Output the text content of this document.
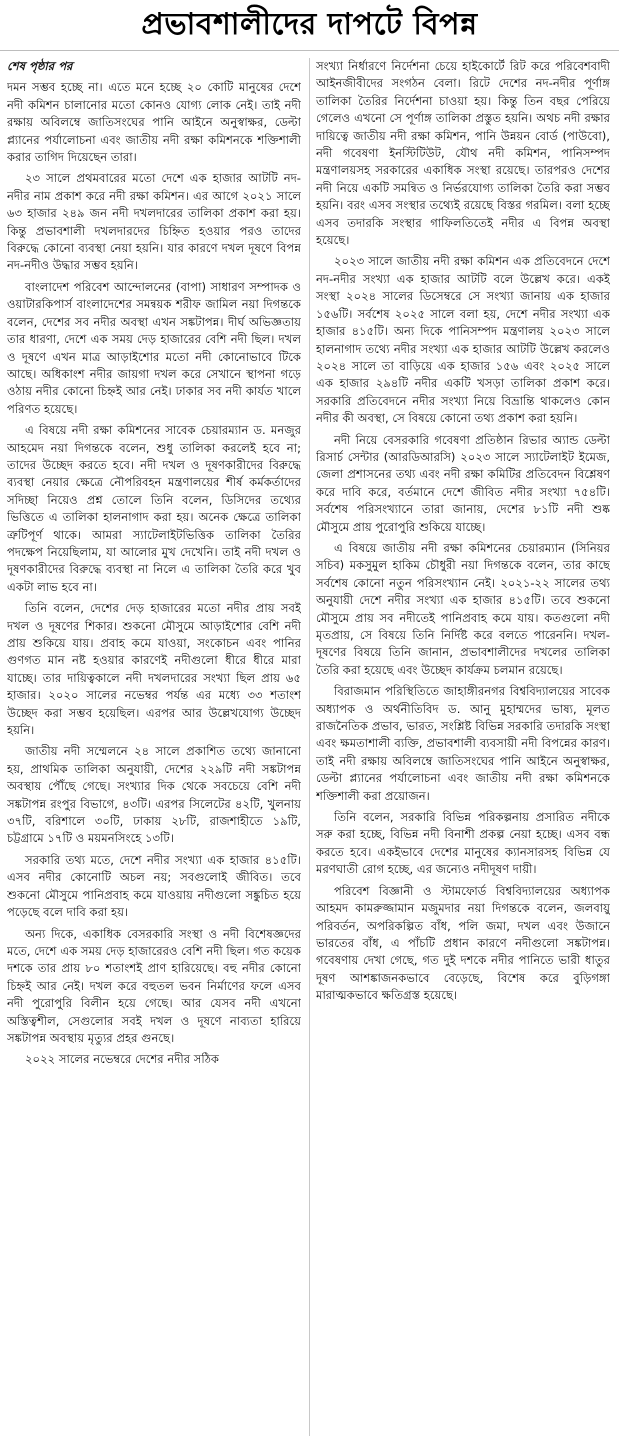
প্রভাবশালীদের দাপটে বিপন্ন

শেষ পৃষ্ঠার পর

দমন সম্ভব হচ্ছে না। এতে মনে হচ্ছে ২০ কোটি মানুষের দেশে নদী কমিশন চালানোর মতো কোনও যোগ্য লোক নেই। তাই নদী রক্ষায় অবিলম্বে জাতিসংঘের পানি আইনে অনুস্বাক্ষর, ডেল্টা প্ল্যানের পর্যালোচনা এবং জাতীয় নদী রক্ষা কমিশনকে শক্তিশালী করার তাগিদ দিয়েছেন তারা।

২৩ সালে প্রথমবারের মতো দেশে এক হাজার আটটি নদ-নদীর নাম প্রকাশ করে নদী রক্ষা কমিশন। এর আগে ২০২১ সালে ৬৩ হাজার ২৪৯ জন নদী দখলদারের তালিকা প্রকাশ করা হয়। কিন্তু প্রভাবশালী দখলদারদের চিহ্নিত হওয়ার পরও তাদের বিরুদ্ধে কোনো ব্যবস্থা নেয়া হয়নি। যার কারণে দখল দূষণে বিপন্ন নদ-নদীও উদ্ধার সম্ভব হয়নি।

বাংলাদেশ পরিবেশ আন্দোলনের (বাপা) সাধারণ সম্পাদক ও ওয়াটারকিপার্স বাংলাদেশের সমন্বয়ক শরীফ জামিল নয়া দিগন্তকে বলেন, দেশের সব নদীর অবস্থা এখন সঙ্কটাপন্ন। দীর্ঘ অভিজ্ঞতায় তার ধারণা, দেশে এক সময় দেড় হাজারের বেশি নদী ছিল। দখল ও দূষণে এখন মাত্র আড়াইশোর মতো নদী কোনোভাবে টিকে আছে। অধিকাংশ নদীর জায়গা দখল করে সেখানে স্থাপনা গড়ে ওঠায় নদীর কোনো চিহ্নই আর নেই। ঢাকার সব নদী কার্যত খালে পরিণত হয়েছে।

এ বিষয়ে নদী রক্ষা কমিশনের সাবেক চেয়ারম্যান ড. মনজুর আহমেদ নয়া দিগন্তকে বলেন, শুধু তালিকা করলেই হবে না; তাদের উচ্ছেদ করতে হবে। নদী দখল ও দূষণকারীদের বিরুদ্ধে ব্যবস্থা নেয়ার ক্ষেত্রে নৌপরিবহন মন্ত্রণালয়ের শীর্ষ কর্মকর্তাদের সদিচ্ছা নিয়েও প্রশ্ন তোলে তিনি বলেন, ডিসিদের তথ্যের ভিত্তিতে এ তালিকা হালনাগাদ করা হয়। অনেক ক্ষেত্রে তালিকা ত্রুটিপূর্ণ থাকে। আমরা স্যাটেলাইটভিত্তিক তালিকা তৈরির পদক্ষেপ নিয়েছিলাম, যা আলোর মুখ দেখেনি। তাই নদী দখল ও দূষণকারীদের বিরুদ্ধে ব্যবস্থা না নিলে এ তালিকা তৈরি করে খুব একটা লাভ হবে না।

তিনি বলেন, দেশের দেড় হাজারের মতো নদীর প্রায় সবই দখল ও দূষণের শিকার। শুকনো মৌসুমে আড়াইশোর বেশি নদী প্রায় শুকিয়ে যায়। প্রবাহ কমে যাওয়া, সংকোচন এবং পানির গুণগত মান নষ্ট হওয়ার কারণেই নদীগুলো ধীরে ধীরে মারা যাচ্ছে। তার দায়িত্বকালে নদী দখলদারের সংখ্যা ছিল প্রায় ৬৫ হাজার। ২০২০ সালের নভেম্বর পর্যন্ত এর মধ্যে ৩৩ শতাংশ উচ্ছেদ করা সম্ভব হয়েছিল। এরপর আর উল্লেখযোগ্য উচ্ছেদ হয়নি।

জাতীয় নদী সম্মেলনে ২৪ সালে প্রকাশিত তথ্যে জানানো হয়, প্রাথমিক তালিকা অনুযায়ী, দেশের ২২৯টি নদী সঙ্কটাপন্ন অবস্থায় পৌঁছে গেছে। সংখ্যার দিক থেকে সবচেয়ে বেশি নদী সঙ্কটাপন্ন রংপুর বিভাগে, ৪৩টি। এরপর সিলেটের ৪২টি, খুলনায় ৩৭টি, বরিশালে ৩০টি, ঢাকায় ২৮টি, রাজশাহীতে ১৯টি, চট্টগ্রামে ১৭টি ও ময়মনসিংহে ১৩টি।

সরকারি তথ্য মতে, দেশে নদীর সংখ্যা এক হাজার ৪১৫টি। এসব নদীর কোনোটি অচল নয়; সবগুলোই জীবিত। তবে শুকনো মৌসুমে পানিপ্রবাহ কমে যাওয়ায় নদীগুলো সঙ্কুচিত হয়ে পড়েছে বলে দাবি করা হয়।

অন্য দিকে, একাধিক বেসরকারি সংস্থা ও নদী বিশেষজ্ঞদের মতে, দেশে এক সময় দেড় হাজারেরও বেশি নদী ছিল। গত কয়েক দশকে তার প্রায় ৮০ শতাংশই প্রাণ হারিয়েছে। বহু নদীর কোনো চিহ্নই আর নেই। দখল করে বহুতল ভবন নির্মাণের ফলে এসব নদী পুরোপুরি বিলীন হয়ে গেছে। আর যেসব নদী এখনো অস্তিত্বশীল, সেগুলোর সবই দখল ও দূষণে নাব্যতা হারিয়ে সঙ্কটাপন্ন অবস্থায় মৃত্যুর প্রহর গুনছে।

২০২২ সালের নভেম্বরে দেশের নদীর সঠিক

সংখ্যা নির্ধারণে নির্দেশনা চেয়ে হাইকোর্টে রিট করে পরিবেশবাদী আইনজীবীদের সংগঠন বেলা। রিটে দেশের নদ-নদীর পূর্ণাঙ্গ তালিকা তৈরির নির্দেশনা চাওয়া হয়। কিন্তু তিন বছর পেরিয়ে গেলেও এখনো সে পূর্ণাঙ্গ তালিকা প্রস্তুত হয়নি। অথচ নদী রক্ষার দায়িত্বে জাতীয় নদী রক্ষা কমিশন, পানি উন্নয়ন বোর্ড (পাউবো), নদী গবেষণা ইনস্টিটিউট, যৌথ নদী কমিশন, পানিসম্পদ মন্ত্রণালয়সহ সরকারের একাধিক সংস্থা রয়েছে। তারপরও দেশের নদী নিয়ে একটি সমন্বিত ও নির্ভরযোগ্য তালিকা তৈরি করা সম্ভব হয়নি। বরং এসব সংস্থার তথ্যেই রয়েছে বিস্তর গরমিল। বলা হচ্ছে এসব তদারকি সংস্থার গাফিলতিতেই নদীর এ বিপন্ন অবস্থা হয়েছে।

২০২৩ সালে জাতীয় নদী রক্ষা কমিশন এক প্রতিবেদনে দেশে নদ-নদীর সংখ্যা এক হাজার আটটি বলে উল্লেখ করে। একই সংস্থা ২০২৪ সালের ডিসেম্বরে সে সংখ্যা জানায় এক হাজার ১৫৬টি। সর্বশেষ ২০২৫ সালে বলা হয়, দেশে নদীর সংখ্যা এক হাজার ৪১৫টি। অন্য দিকে পানিসম্পদ মন্ত্রণালয় ২০২৩ সালে হালনাগাদ তথ্যে নদীর সংখ্যা এক হাজার আটটি উল্লেখ করলেও ২০২৪ সালে তা বাড়িয়ে এক হাজার ১৫৬ এবং ২০২৫ সালে এক হাজার ২৯৪টি নদীর একটি খসড়া তালিকা প্রকাশ করে। সরকারি প্রতিবেদনে নদীর সংখ্যা নিয়ে বিভ্রান্তি থাকলেও কোন নদীর কী অবস্থা, সে বিষয়ে কোনো তথ্য প্রকাশ করা হয়নি।

নদী নিয়ে বেসরকারি গবেষণা প্রতিষ্ঠান রিভার অ্যান্ড ডেল্টা রিসার্চ সেন্টার (আরডিআরসি) ২০২৩ সালে স্যাটেলাইট ইমেজ, জেলা প্রশাসনের তথ্য এবং নদী রক্ষা কমিটির প্রতিবেদন বিশ্লেষণ করে দাবি করে, বর্তমানে দেশে জীবিত নদীর সংখ্যা ৭৫৪টি। সর্বশেষ পরিসংখ্যানে তারা জানায়, দেশের ৮১টি নদী শুষ্ক মৌসুমে প্রায় পুরোপুরি শুকিয়ে যাচ্ছে।

এ বিষয়ে জাতীয় নদী রক্ষা কমিশনের চেয়ারম্যান (সিনিয়র সচিব) মকসুমুল হাকিম চৌধুরী নয়া দিগন্তকে বলেন, তার কাছে সর্বশেষ কোনো নতুন পরিসংখ্যান নেই। ২০২১-২২ সালের তথ্য অনুযায়ী দেশে নদীর সংখ্যা এক হাজার ৪১৫টি। তবে শুকনো মৌসুমে প্রায় সব নদীতেই পানিপ্রবাহ কমে যায়। কতগুলো নদী মৃতপ্রায়, সে বিষয়ে তিনি নির্দিষ্ট করে বলতে পারেননি। দখল-দূষণের বিষয়ে তিনি জানান, প্রভাবশালীদের দখলের তালিকা তৈরি করা হয়েছে এবং উচ্ছেদ কার্যক্রম চলমান রয়েছে।

বিরাজমান পরিস্থিতিতে জাহাঙ্গীরনগর বিশ্ববিদ্যালয়ের সাবেক অধ্যাপক ও অর্থনীতিবিদ ড. আনু মুহাম্মদের ভাষ্য, মূলত রাজনৈতিক প্রভাব, ভারত, সংশ্লিষ্ট বিভিন্ন সরকারি তদারকি সংস্থা এবং ক্ষমতাশালী ব্যক্তি, প্রভাবশালী ব্যবসায়ী নদী বিপন্নের কারণ। তাই নদী রক্ষায় অবিলম্বে জাতিসংঘের পানি আইনে অনুস্বাক্ষর, ডেল্টা প্ল্যানের পর্যালোচনা এবং জাতীয় নদী রক্ষা কমিশনকে শক্তিশালী করা প্রয়োজন।

তিনি বলেন, সরকারি বিভিন্ন পরিকল্পনায় প্রসারিত নদীকে সরু করা হচ্ছে, বিভিন্ন নদী বিনাশী প্রকল্প নেয়া হচ্ছে। এসব বন্ধ করতে হবে। একইভাবে দেশের মানুষের ক্যানসারসহ বিভিন্ন যে মরণঘাতী রোগ হচ্ছে, এর জন্যেও নদীদূষণ দায়ী।

পরিবেশ বিজ্ঞানী ও স্টামফোর্ড বিশ্ববিদ্যালয়ের অধ্যাপক আহমদ কামরুজ্জামান মজুমদার নয়া দিগন্তকে বলেন, জলবায়ু পরিবর্তন, অপরিকল্পিত বাঁধ, পলি জমা, দখল এবং উজানে ভারতের বাঁধ, এ পাঁচটি প্রধান কারণে নদীগুলো সঙ্কটাপন্ন। গবেষণায় দেখা গেছে, গত দুই দশকে নদীর পানিতে ভারী ধাতুর দূষণ আশঙ্কাজনকভাবে বেড়েছে, বিশেষ করে বুড়িগঙ্গা মারাত্মকভাবে ক্ষতিগ্রস্ত হয়েছে।
